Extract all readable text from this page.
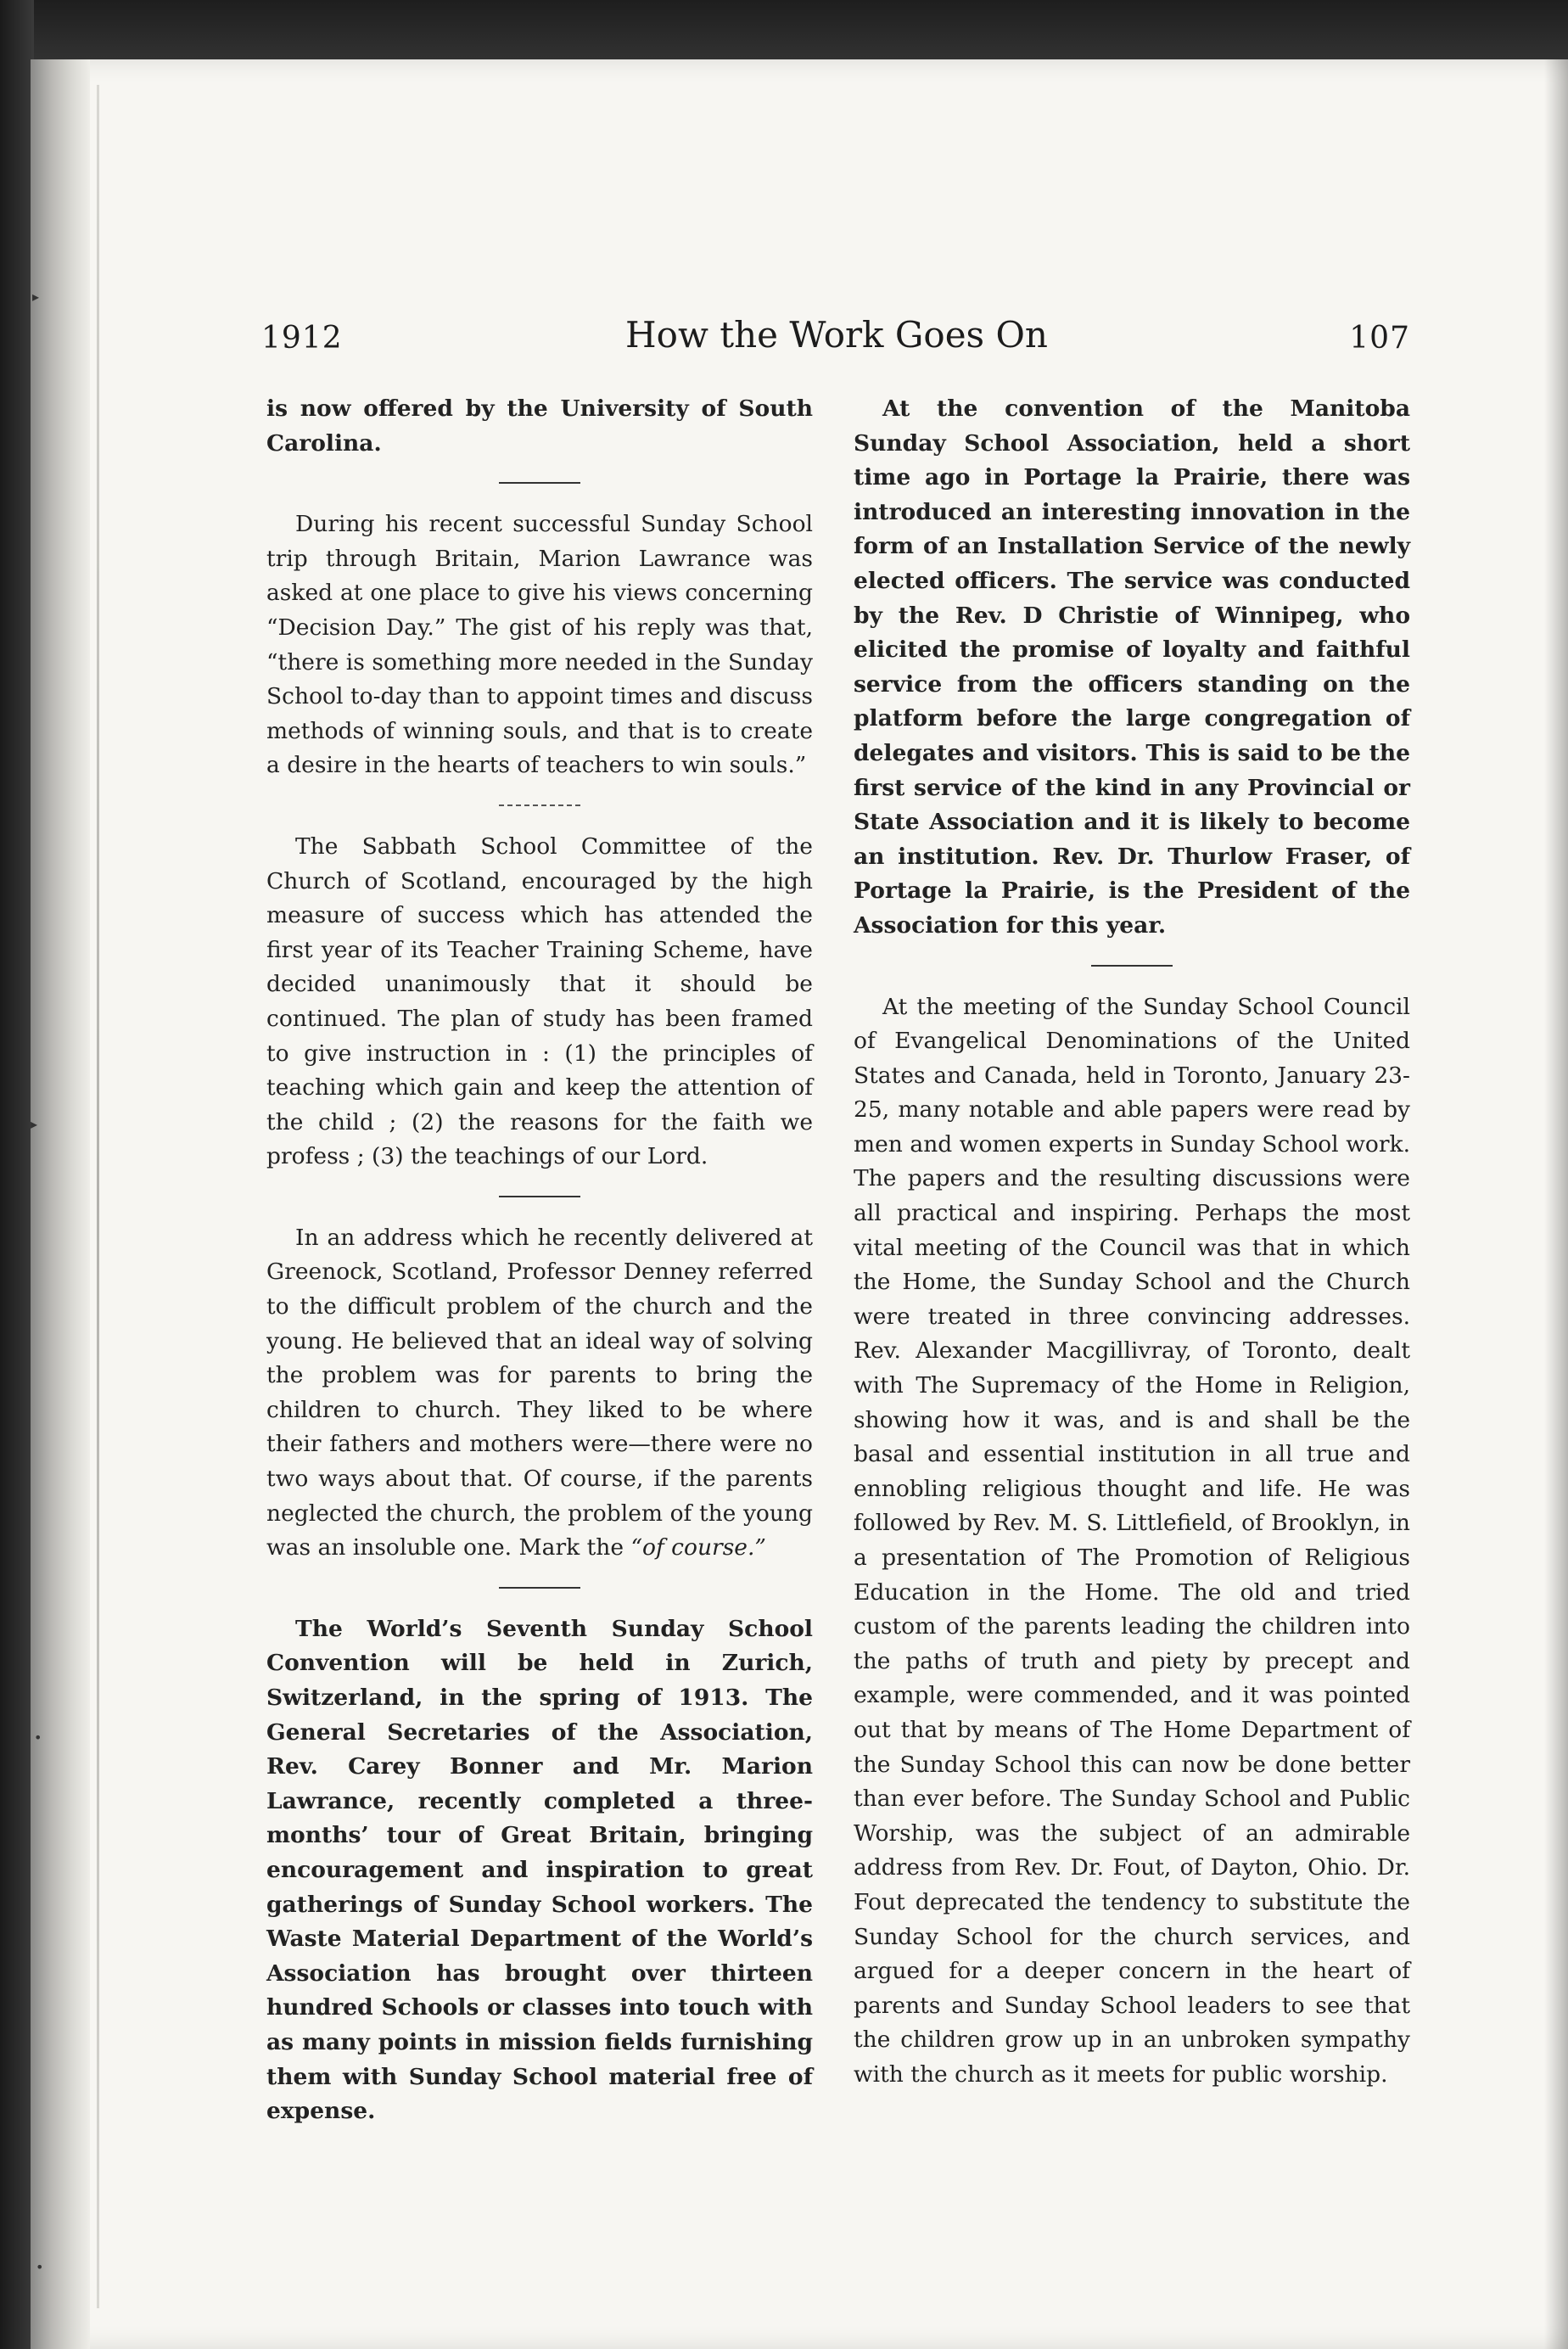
▸
▸
•
•
1912	How the Work Goes On	107

is now offered by the University of South Carolina.

During his recent successful Sunday School trip through Britain, Marion Lawrance was asked at one place to give his views concerning “Decision Day.” The gist of his reply was that, “there is something more needed in the Sunday School to-day than to appoint times and discuss methods of winning souls, and that is to create a desire in the hearts of teachers to win souls.”

The Sabbath School Committee of the Church of Scotland, encouraged by the high measure of success which has attended the first year of its Teacher Training Scheme, have decided unanimously that it should be continued. The plan of study has been framed to give instruction in : (1) the principles of teaching which gain and keep the attention of the child ; (2) the reasons for the faith we profess ; (3) the teachings of our Lord.

In an address which he recently delivered at Greenock, Scotland, Professor Denney referred to the difficult problem of the church and the young. He believed that an ideal way of solving the problem was for parents to bring the children to church. They liked to be where their fathers and mothers were—there were no two ways about that. Of course, if the parents neglected the church, the problem of the young was an insoluble one. Mark the “of course.”

The World’s Seventh Sunday School Convention will be held in Zurich, Switzerland, in the spring of 1913. The General Secretaries of the Association, Rev. Carey Bonner and Mr. Marion Lawrance, recently completed a three-months’ tour of Great Britain, bringing encouragement and inspiration to great gatherings of Sunday School workers. The Waste Material Department of the World’s Association has brought over thirteen hundred Schools or classes into touch with as many points in mission fields furnishing them with Sunday School material free of expense.

At the convention of the Manitoba Sunday School Association, held a short time ago in Portage la Prairie, there was introduced an interesting innovation in the form of an Installation Service of the newly elected officers. The service was conducted by the Rev. D Christie of Winnipeg, who elicited the promise of loyalty and faithful service from the officers standing on the platform before the large congregation of delegates and visitors. This is said to be the first service of the kind in any Provincial or State Association and it is likely to become an institution. Rev. Dr. Thurlow Fraser, of Portage la Prairie, is the President of the Association for this year.

At the meeting of the Sunday School Council of Evangelical Denominations of the United States and Canada, held in Toronto, January 23-25, many notable and able papers were read by men and women experts in Sunday School work. The papers and the resulting discussions were all practical and inspiring. Perhaps the most vital meeting of the Council was that in which the Home, the Sunday School and the Church were treated in three convincing addresses. Rev. Alexander Macgillivray, of Toronto, dealt with The Supremacy of the Home in Religion, showing how it was, and is and shall be the basal and essential institution in all true and ennobling religious thought and life. He was followed by Rev. M. S. Littlefield, of Brooklyn, in a presentation of The Promotion of Religious Education in the Home. The old and tried custom of the parents leading the children into the paths of truth and piety by precept and example, were commended, and it was pointed out that by means of The Home Department of the Sunday School this can now be done better than ever before. The Sunday School and Public Worship, was the subject of an admirable address from Rev. Dr. Fout, of Dayton, Ohio. Dr. Fout deprecated the tendency to substitute the Sunday School for the church services, and argued for a deeper concern in the heart of parents and Sunday School leaders to see that the children grow up in an unbroken sympathy with the church as it meets for public worship.
